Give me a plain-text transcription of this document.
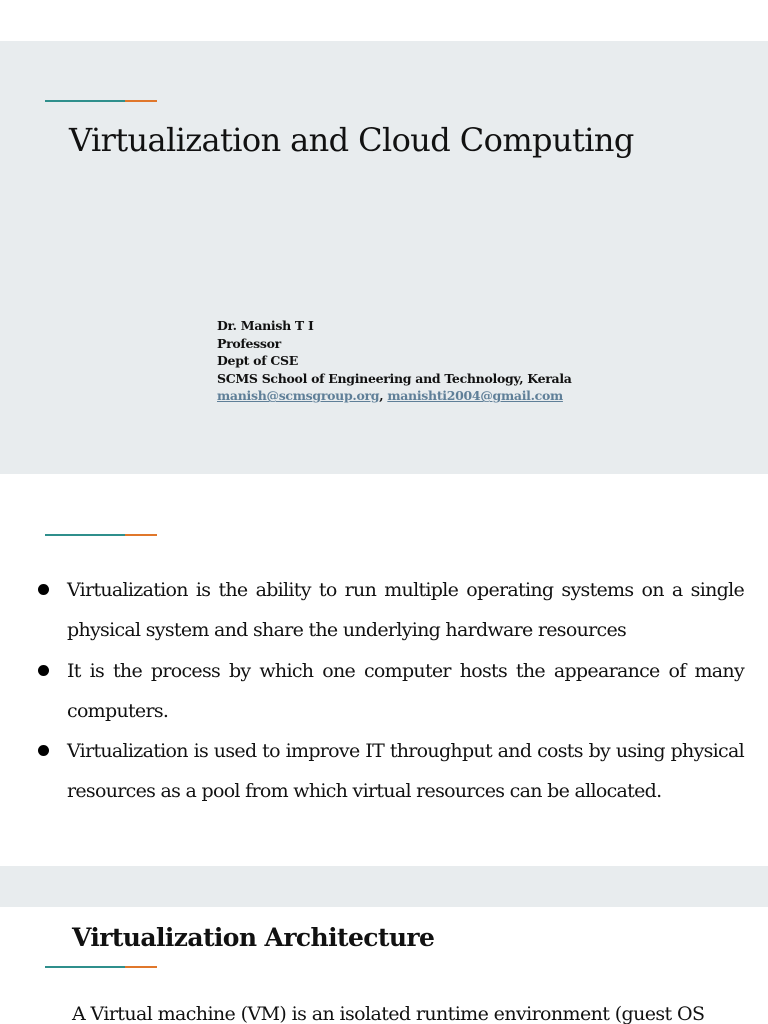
Virtualization and Cloud Computing
Dr. Manish T I
Professor
Dept of CSE
SCMS School of Engineering and Technology, Kerala
manish@scmsgroup.org, manishti2004@gmail.com
Virtualization is the ability to run multiple operating systems on a single physical system and share the underlying hardware resources
It is the process by which one computer hosts the appearance of many computers.
Virtualization is used to improve IT throughput and costs by using physical resources as a pool from which virtual resources can be allocated.
Virtualization Architecture

A Virtual machine (VM) is an isolated runtime environment (guest OS
